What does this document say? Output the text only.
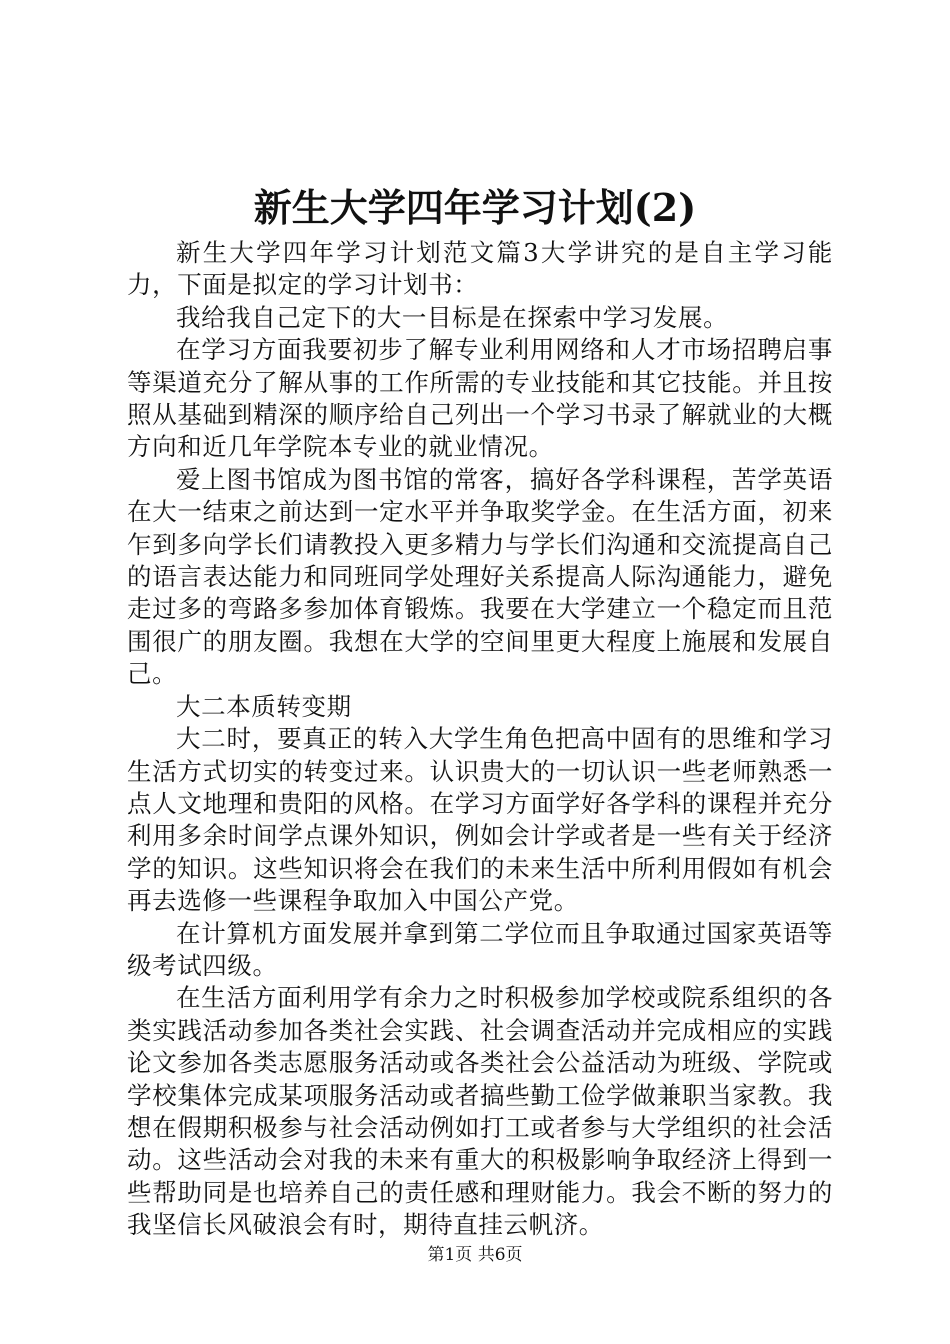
新生大学四年学习计划(2)

新生大学四年学习计划范文篇3大学讲究的是自主学习能力，下面是拟定的学习计划书：

我给我自己定下的大一目标是在探索中学习发展。

在学习方面我要初步了解专业利用网络和人才市场招聘启事等渠道充分了解从事的工作所需的专业技能和其它技能。并且按照从基础到精深的顺序给自己列出一个学习书录了解就业的大概方向和近几年学院本专业的就业情况。

爱上图书馆成为图书馆的常客，搞好各学科课程，苦学英语在大一结束之前达到一定水平并争取奖学金。在生活方面，初来乍到多向学长们请教投入更多精力与学长们沟通和交流提高自己的语言表达能力和同班同学处理好关系提高人际沟通能力，避免走过多的弯路多参加体育锻炼。我要在大学建立一个稳定而且范围很广的朋友圈。我想在大学的空间里更大程度上施展和发展自己。

大二本质转变期

大二时，要真正的转入大学生角色把高中固有的思维和学习生活方式切实的转变过来。认识贵大的一切认识一些老师熟悉一点人文地理和贵阳的风格。在学习方面学好各学科的课程并充分利用多余时间学点课外知识，例如会计学或者是一些有关于经济学的知识。这些知识将会在我们的未来生活中所利用假如有机会再去选修一些课程争取加入中国公产党。

在计算机方面发展并拿到第二学位而且争取通过国家英语等级考试四级。

在生活方面利用学有余力之时积极参加学校或院系组织的各类实践活动参加各类社会实践、社会调查活动并完成相应的实践论文参加各类志愿服务活动或各类社会公益活动为班级、学院或学校集体完成某项服务活动或者搞些勤工俭学做兼职当家教。我想在假期积极参与社会活动例如打工或者参与大学组织的社会活动。这些活动会对我的未来有重大的积极影响争取经济上得到一些帮助同是也培养自己的责任感和理财能力。我会不断的努力的我坚信长风破浪会有时，期待直挂云帆济。

第1页 共6页
